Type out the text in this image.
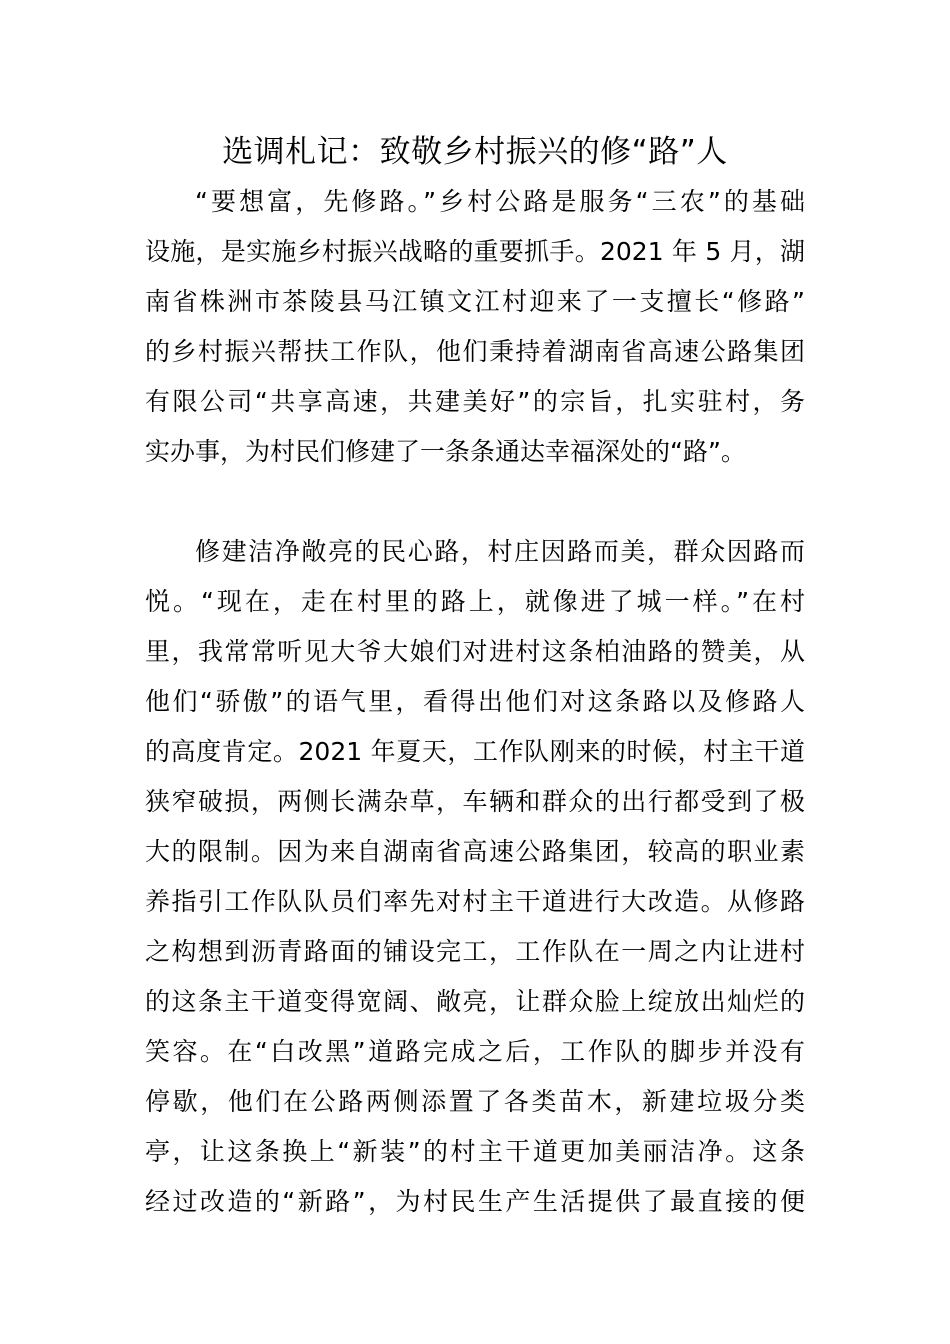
选调札记：致敬乡村振兴的修“路”人
“要想富，先修路。”乡村公路是服务“三农”的基础
设施，是实施乡村振兴战略的重要抓手。2021 年 5 月，湖
南省株洲市茶陵县马江镇文江村迎来了一支擅长“修路”
的乡村振兴帮扶工作队，他们秉持着湖南省高速公路集团
有限公司“共享高速，共建美好”的宗旨，扎实驻村，务
实办事，为村民们修建了一条条通达幸福深处的“路”。
修建洁净敞亮的民心路，村庄因路而美，群众因路而
悦。“现在，走在村里的路上，就像进了城一样。”在村
里，我常常听见大爷大娘们对进村这条柏油路的赞美，从
他们“骄傲”的语气里，看得出他们对这条路以及修路人
的高度肯定。2021 年夏天，工作队刚来的时候，村主干道
狭窄破损，两侧长满杂草，车辆和群众的出行都受到了极
大的限制。因为来自湖南省高速公路集团，较高的职业素
养指引工作队队员们率先对村主干道进行大改造。从修路
之构想到沥青路面的铺设完工，工作队在一周之内让进村
的这条主干道变得宽阔、敞亮，让群众脸上绽放出灿烂的
笑容。在“白改黑”道路完成之后，工作队的脚步并没有
停歇，他们在公路两侧添置了各类苗木，新建垃圾分类
亭，让这条换上“新装”的村主干道更加美丽洁净。这条
经过改造的“新路”，为村民生产生活提供了最直接的便
